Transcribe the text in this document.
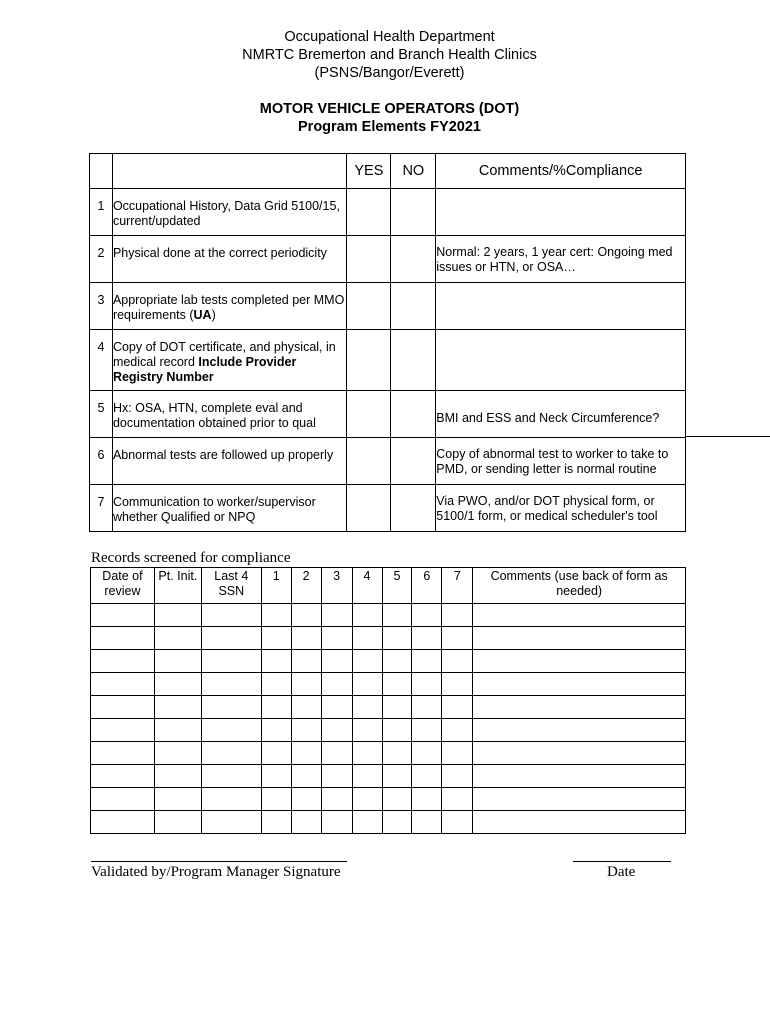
Occupational Health Department
NMRTC Bremerton and Branch Health Clinics
(PSNS/Bangor/Everett)
MOTOR VEHICLE OPERATORS (DOT)
Program Elements FY2021
		YES	NO	Comments/%Compliance
1	Occupational History, Data Grid 5100/15, current/updated			
2	Physical done at the correct periodicity			Normal: 2 years, 1 year cert: Ongoing med issues or HTN, or OSA…
3	Appropriate lab tests completed per MMO requirements (UA)			
4	Copy of DOT certificate, and physical, in medical record Include Provider Registry Number			
5	Hx: OSA, HTN, complete eval and documentation obtained prior to qual			BMI and ESS and Neck Circumference?
6	Abnormal tests are followed up properly			Copy of abnormal test to worker to take to PMD, or sending letter is normal routine
7	Communication to worker/supervisor whether Qualified or NPQ			Via PWO, and/or DOT physical form, or 5100/1 form, or medical scheduler's tool
Records screened for compliance
Date of review	Pt. Init.	Last 4 SSN	1	2	3	4	5	6	7	Comments (use back of form as needed)

Validated by/Program Manager Signature	Date
